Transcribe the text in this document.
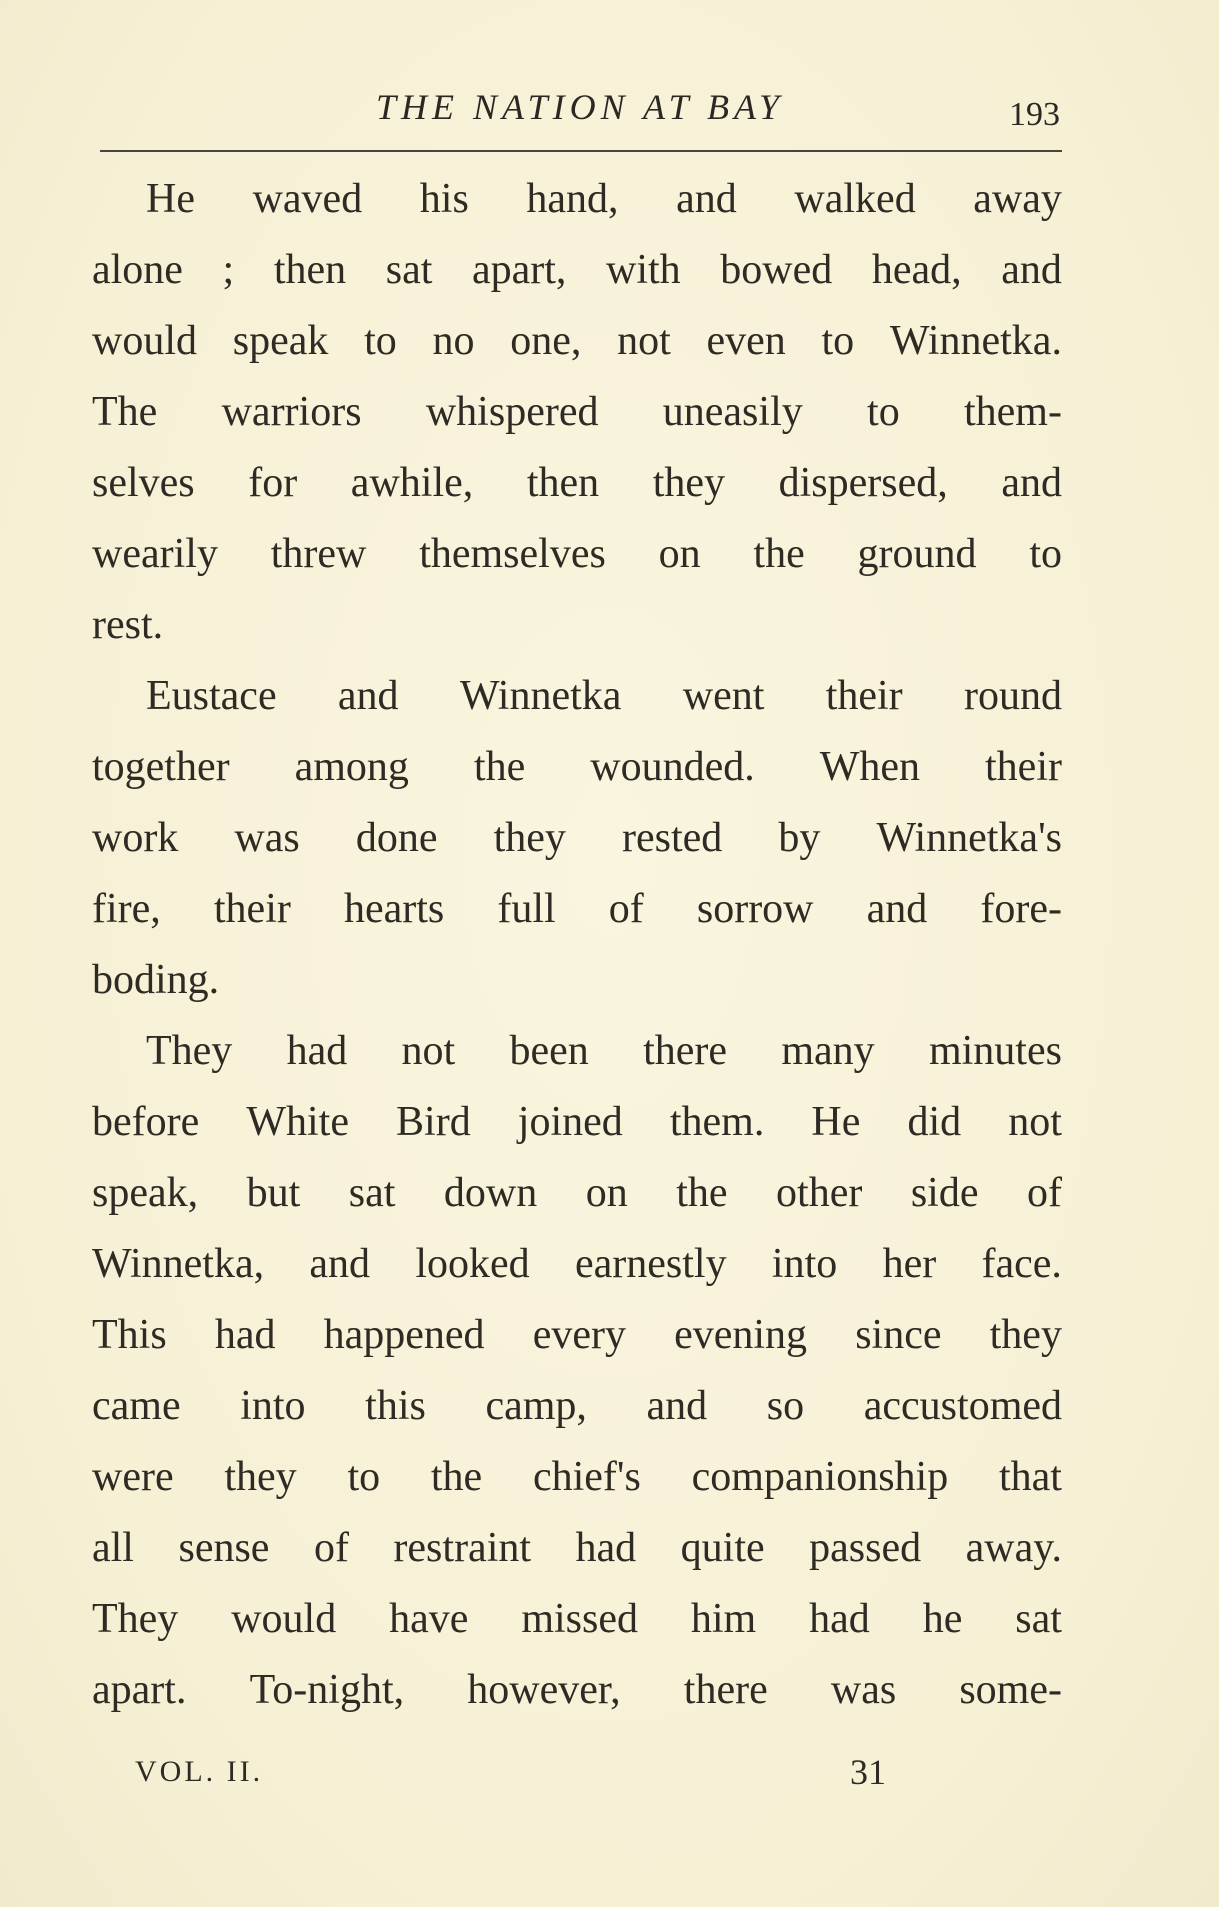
THE NATION AT BAY	193
He waved his hand, and walked away
alone ; then sat apart, with bowed head, and
would speak to no one, not even to Winnetka.
The warriors whispered uneasily to them-
selves for awhile, then they dispersed, and
wearily threw themselves on the ground to
rest.
Eustace and Winnetka went their round
together among the wounded. When their
work was done they rested by Winnetka's
fire, their hearts full of sorrow and fore-
boding.
They had not been there many minutes
before White Bird joined them. He did not
speak, but sat down on the other side of
Winnetka, and looked earnestly into her face.
This had happened every evening since they
came into this camp, and so accustomed
were they to the chief's companionship that
all sense of restraint had quite passed away.
They would have missed him had he sat
apart. To-night, however, there was some-
VOL. II.	31
